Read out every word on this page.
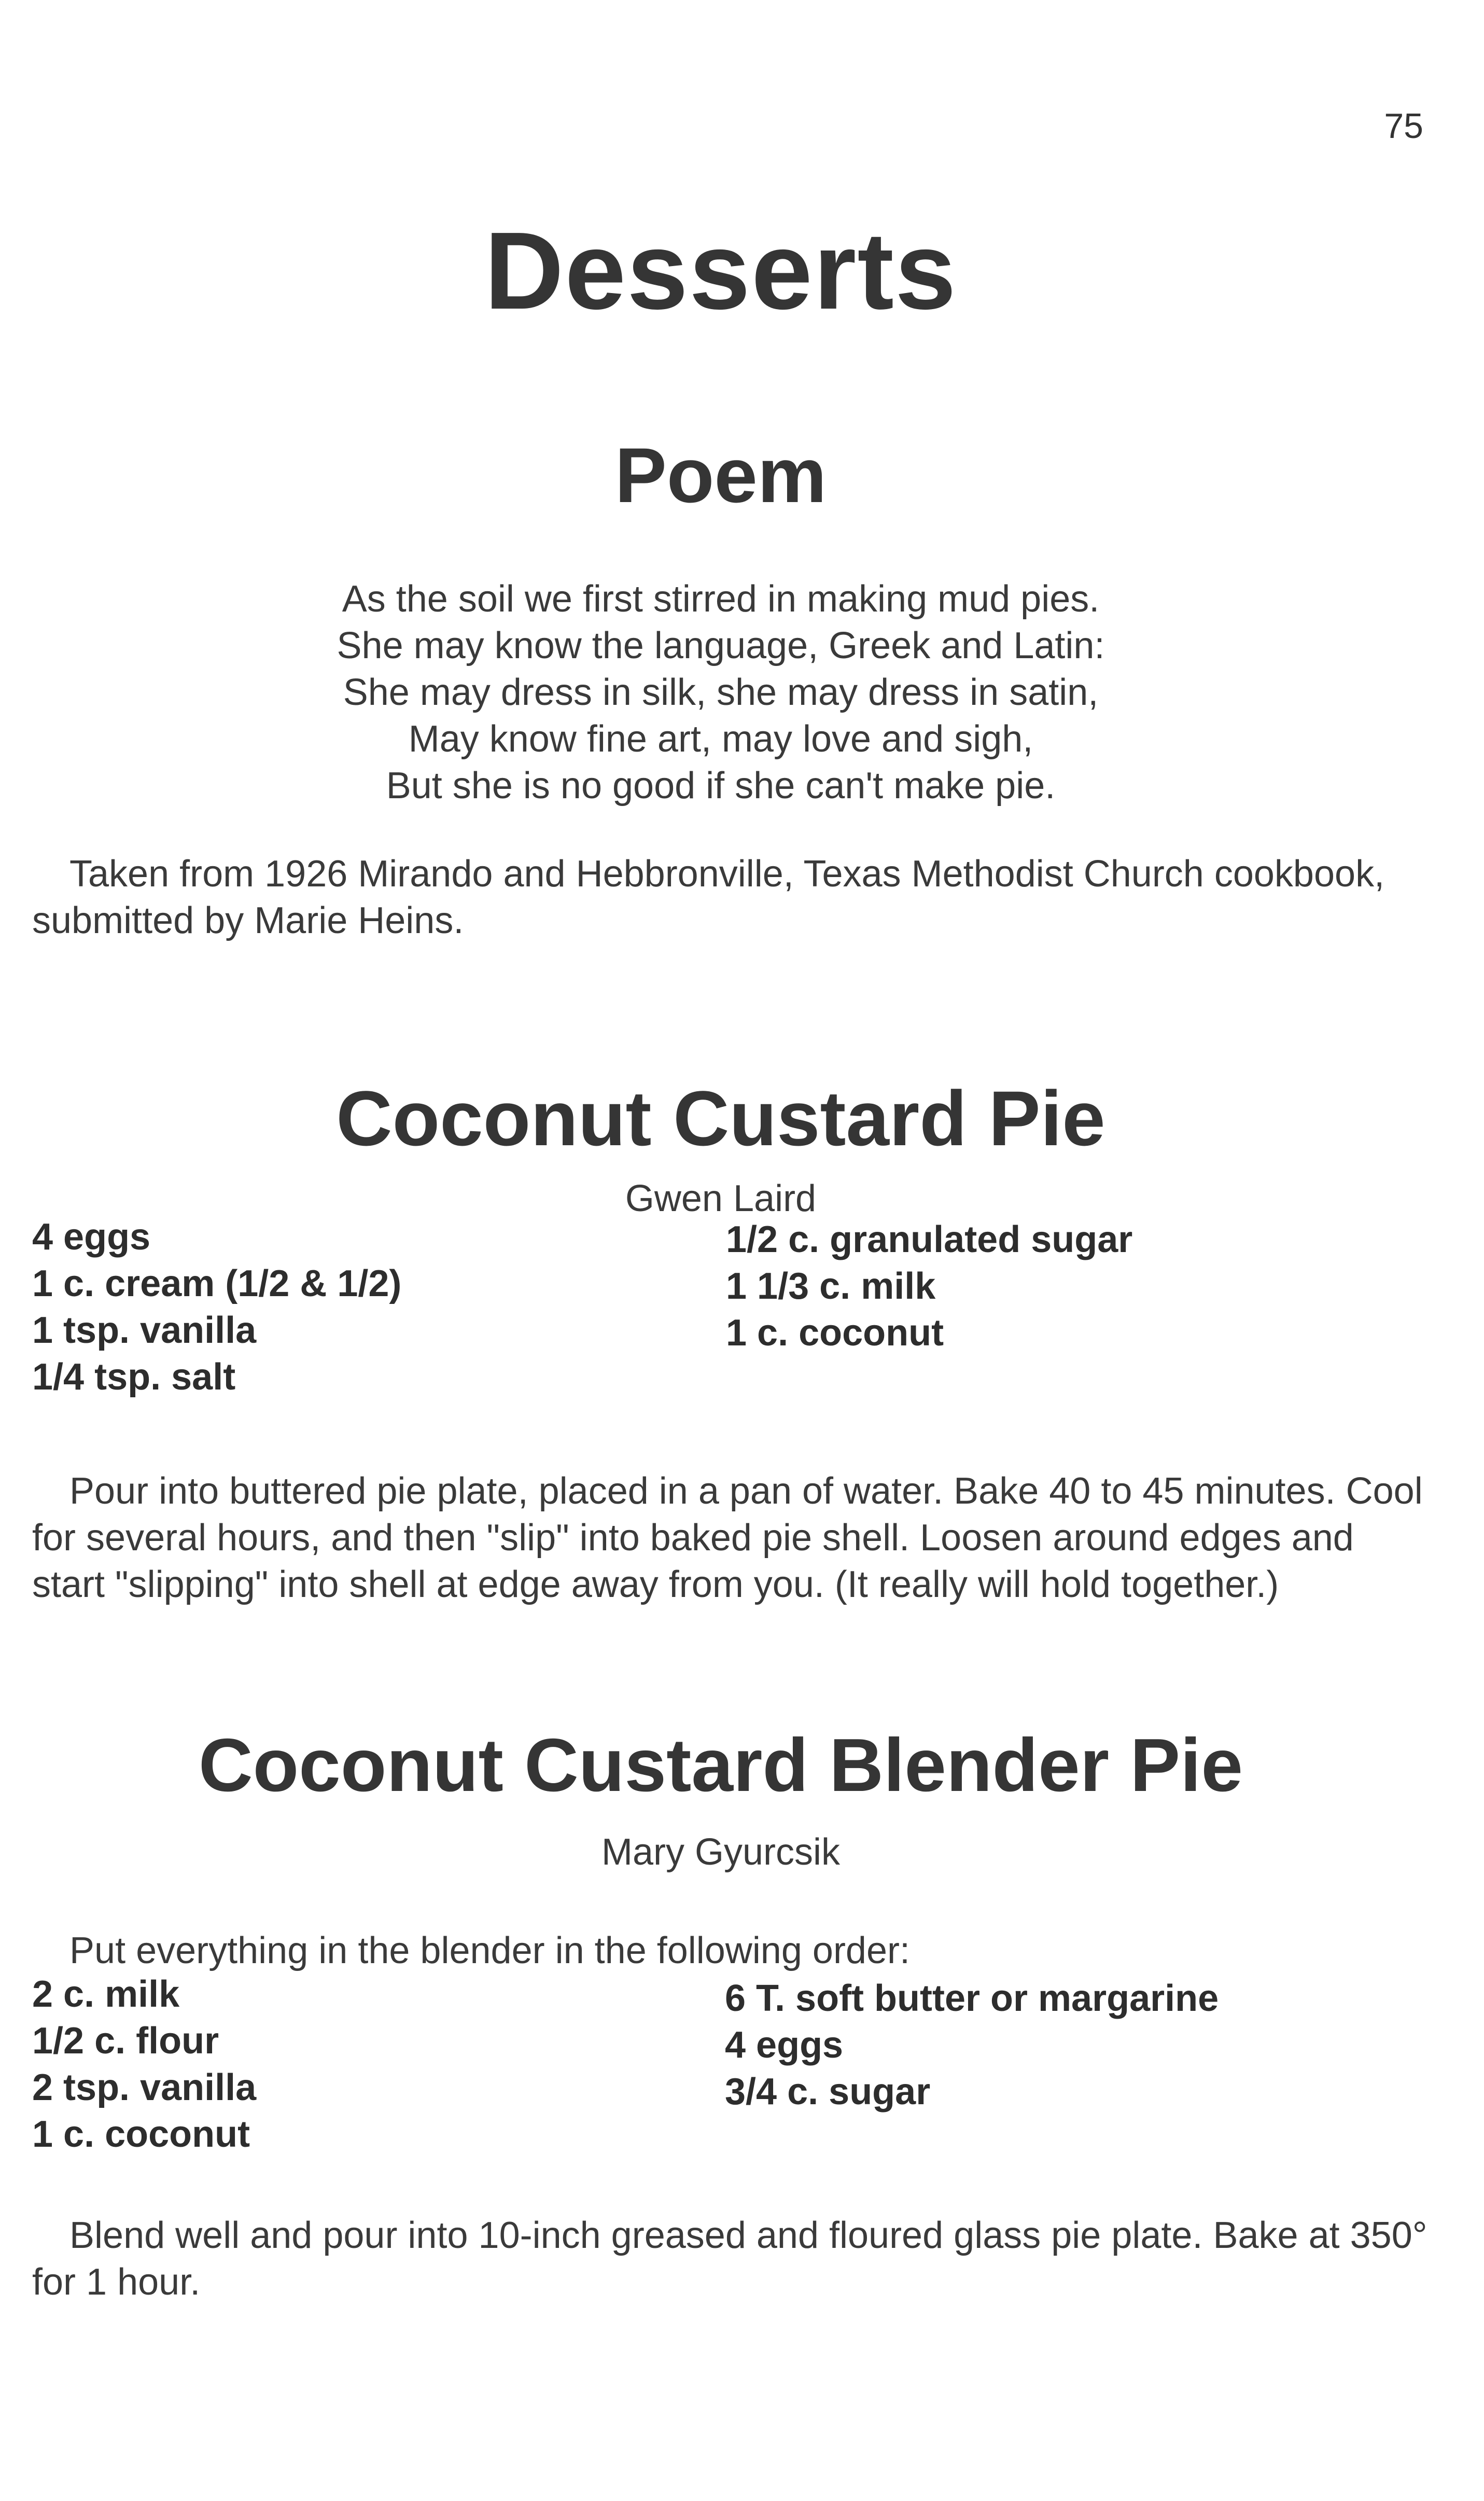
75
Desserts
Poem
As the soil we first stirred in making mud pies.
She may know the language, Greek and Latin:
She may dress in silk, she may dress in satin,
May know fine art, may love and sigh,
But she is no good if she can't make pie.
Taken from 1926 Mirando and Hebbronville, Texas Methodist Church cookbook, submitted by Marie Heins.
Coconut Custard Pie
Gwen Laird
4 eggs
1 c. cream (1/2 & 1/2)
1 tsp. vanilla
1/4 tsp. salt
1/2 c. granulated sugar
1 1/3 c. milk
1 c. coconut
Pour into buttered pie plate, placed in a pan of water. Bake 40 to 45 minutes. Cool for several hours, and then "slip" into baked pie shell. Loosen around edges and start "slipping" into shell at edge away from you. (It really will hold together.)
Coconut Custard Blender Pie
Mary Gyurcsik
Put everything in the blender in the following order:
2 c. milk
1/2 c. flour
2 tsp. vanilla
1 c. coconut
6 T. soft butter or margarine
4 eggs
3/4 c. sugar
Blend well and pour into 10-inch greased and floured glass pie plate. Bake at 350° for 1 hour.
